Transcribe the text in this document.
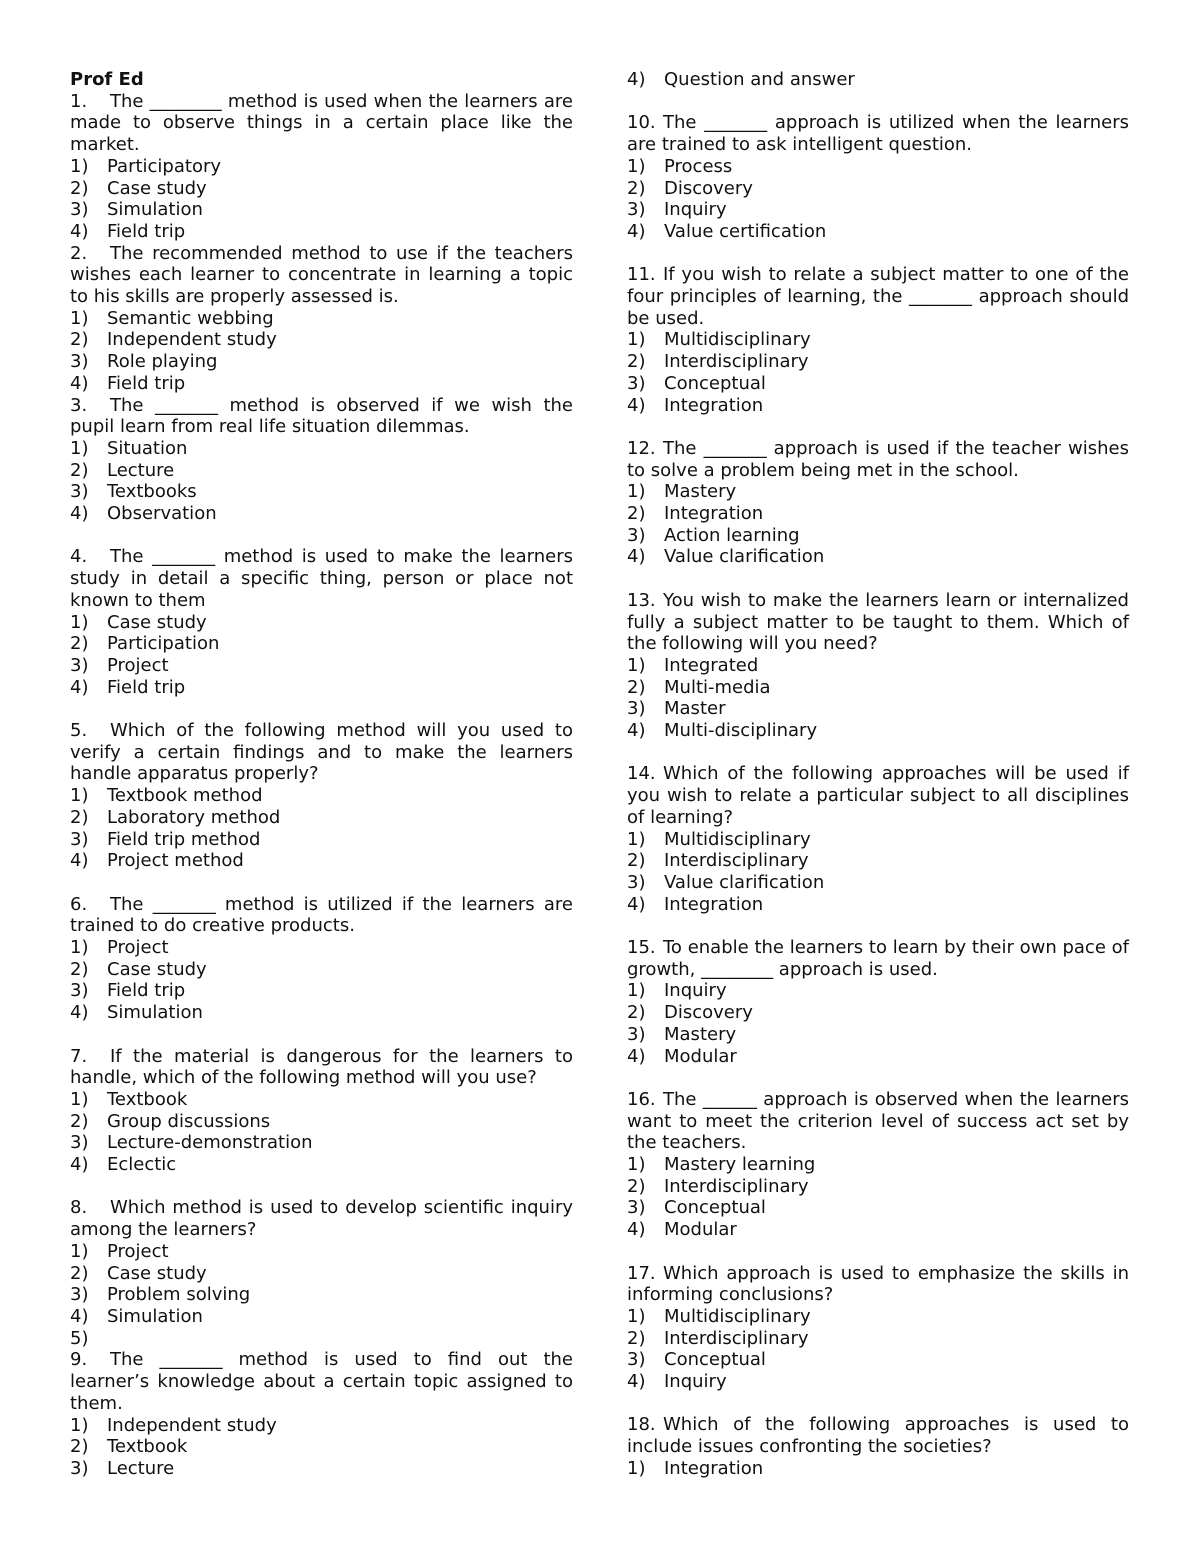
Prof Ed
1. The ________ method is used when the learners are made to observe things in a certain place like the market.
1)	Participatory
2)	Case study
3)	Simulation
4)	Field trip
2. The recommended method to use if the teachers wishes each learner to concentrate in learning a topic to his skills are properly assessed is.
1)	Semantic webbing
2)	Independent study
3)	Role playing
4)	Field trip
3. The _______ method is observed if we wish the pupil learn from real life situation dilemmas.
1)	Situation
2)	Lecture
3)	Textbooks
4)	Observation
4. The _______ method is used to make the learners study in detail a specific thing, person or place not known to them
1)	Case study
2)	Participation
3)	Project
4)	Field trip
5. Which of the following method will you used to verify a certain findings and to make the learners handle apparatus properly?
1)	Textbook method
2)	Laboratory method
3)	Field trip method
4)	Project method
6. The _______ method is utilized if the learners are trained to do creative products.
1)	Project
2)	Case study
3)	Field trip
4)	Simulation
7. If the material is dangerous for the learners to handle, which of the following method will you use?
1)	Textbook
2)	Group discussions
3)	Lecture-demonstration
4)	Eclectic
8. Which method is used to develop scientific inquiry among the learners?
1)	Project
2)	Case study
3)	Problem solving
4)	Simulation
5)
9. The _______ method is used to find out the learner’s knowledge about a certain topic assigned to them.
1)	Independent study
2)	Textbook
3)	Lecture
4)	Question and answer
10. The _______ approach is utilized when the learners are trained to ask intelligent question.
1)	Process
2)	Discovery
3)	Inquiry
4)	Value certification
11. If you wish to relate a subject matter to one of the four principles of learning, the _______ approach should be used.
1)	Multidisciplinary
2)	Interdisciplinary
3)	Conceptual
4)	Integration
12. The _______ approach is used if the teacher wishes to solve a problem being met in the school.
1)	Mastery
2)	Integration
3)	Action learning
4)	Value clarification
13. You wish to make the learners learn or internalized fully a subject matter to be taught to them. Which of the following will you need?
1)	Integrated
2)	Multi-media
3)	Master
4)	Multi-disciplinary
14. Which of the following approaches will be used if you wish to relate a particular subject to all disciplines of learning?
1)	Multidisciplinary
2)	Interdisciplinary
3)	Value clarification
4)	Integration
15. To enable the learners to learn by their own pace of growth, ________ approach is used.
1)	Inquiry
2)	Discovery
3)	Mastery
4)	Modular
16. The ______ approach is observed when the learners want to meet the criterion level of success act set by the teachers.
1)	Mastery learning
2)	Interdisciplinary
3)	Conceptual
4)	Modular
17. Which approach is used to emphasize the skills in informing conclusions?
1)	Multidisciplinary
2)	Interdisciplinary
3)	Conceptual
4)	Inquiry
18. Which of the following approaches is used to include issues confronting the societies?
1)	Integration
